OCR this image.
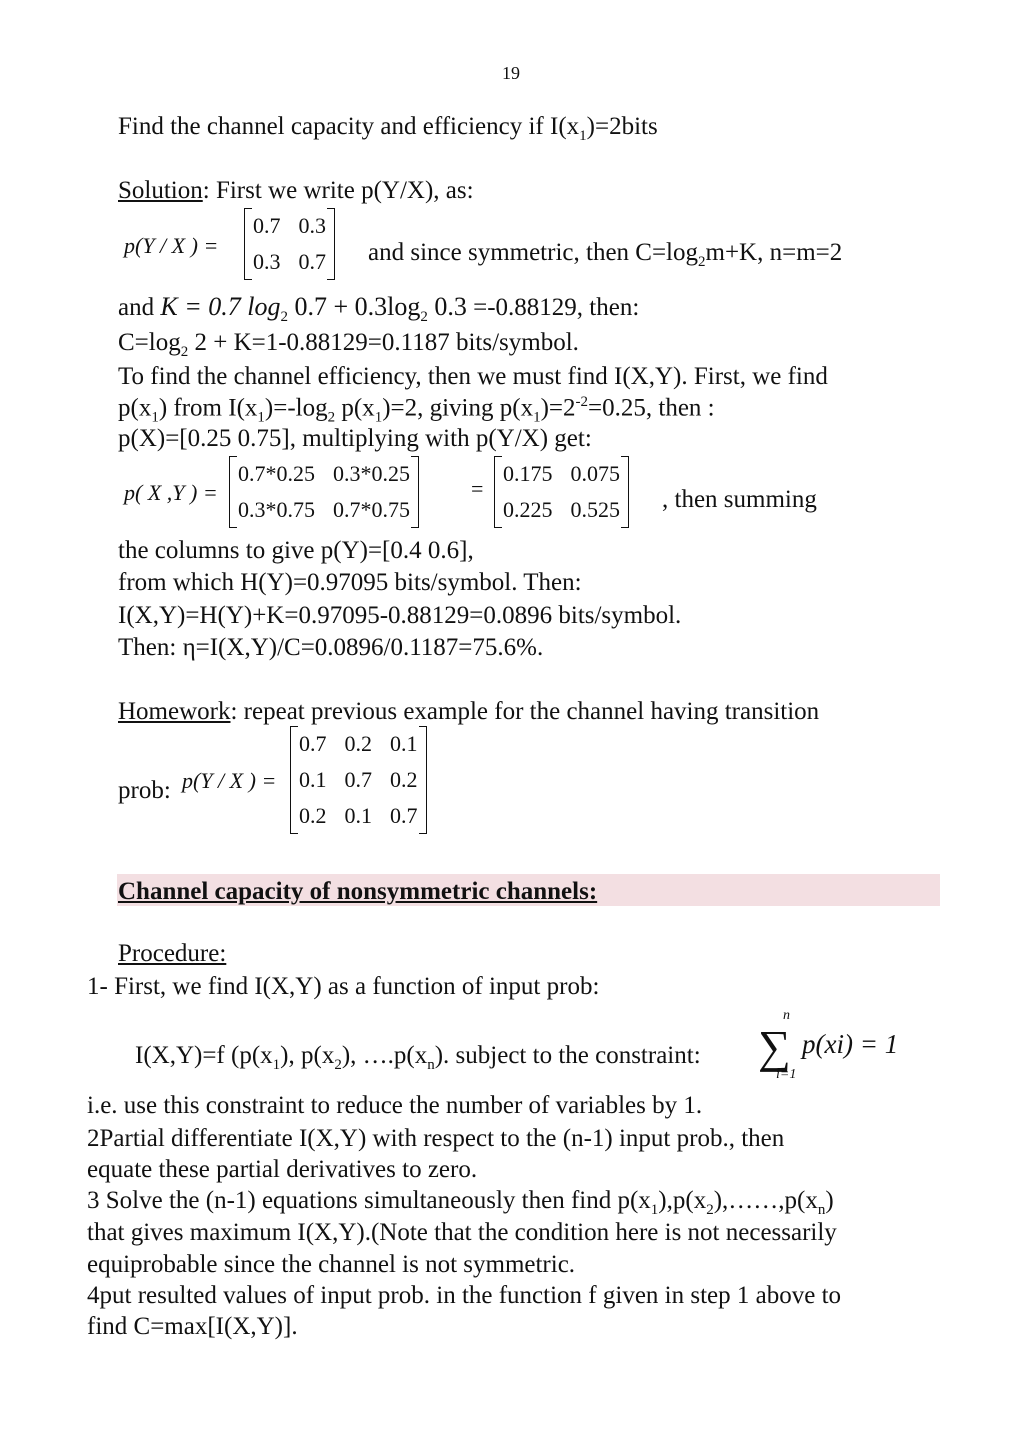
19
Find the channel capacity and efficiency if $I(x_1)=2bits$
Solution: First we write p(Y/X), as:
p(Y / X ) =
0.7	0.3
0.3	0.7 and since symmetric, then $C=\log_2m+K$, n=m=2
and K = 0.7 $\log_2 0.7 + 0.3\log_2$ 0.3 =-0.88129, then:
$C=\log_2$ 2 + K=1-0.88129=0.1187 bits/symbol.
To find the channel efficiency, then we must find I(X,Y). First, we find
$p(x_1)$ from $I(x_1)=-\log_2$ $p(x_1)=2$, giving $p(x_1)=2^{-2}=0.25$, then :
p(X)=[0.25 0.75], multiplying with p(Y/X) get:
p( X ,Y ) =
0.7*0.25	0.3*0.25
0.3*0.75	0.7*0.75
=
0.175	0.075
0.225	0.525 , then summing
the columns to give p(Y)=[0.4 0.6],
from which H(Y)=0.97095 bits/symbol. Then:
I(X,Y)=H(Y)+K=0.97095-0.88129=0.0896 bits/symbol.
Then: η=I(X,Y)/C=0.0896/0.1187=75.6%.
Homework: repeat previous example for the channel having transition
prob: p(Y / X ) =
0.7	0.2	0.1
0.1	0.7	0.2
0.2	0.1	0.7
Channel capacity of nonsymmetric channels:
Procedure:
1- First, we find I(X,Y) as a function of input prob:
I(X,Y)=f ($p(x_1)$, $p(x_2)$, $\dots.p(x_n)$. subject to the constraint:
n
∑
i=1
p(xi) = 1
i.e. use this constraint to reduce the number of variables by 1.
2Partial differentiate I(X,Y) with respect to the (n-1) input prob., then
equate these partial derivatives to zero.
3 Solve the (n-1) equations simultaneously then find $p(x_1),p(x_2),\dots\dots,p(x_n)$
that gives maximum I(X,Y).(Note that the condition here is not necessarily
equiprobable since the channel is not symmetric.
4put resulted values of input prob. in the function f given in step 1 above to
find C=max[I(X,Y)].
